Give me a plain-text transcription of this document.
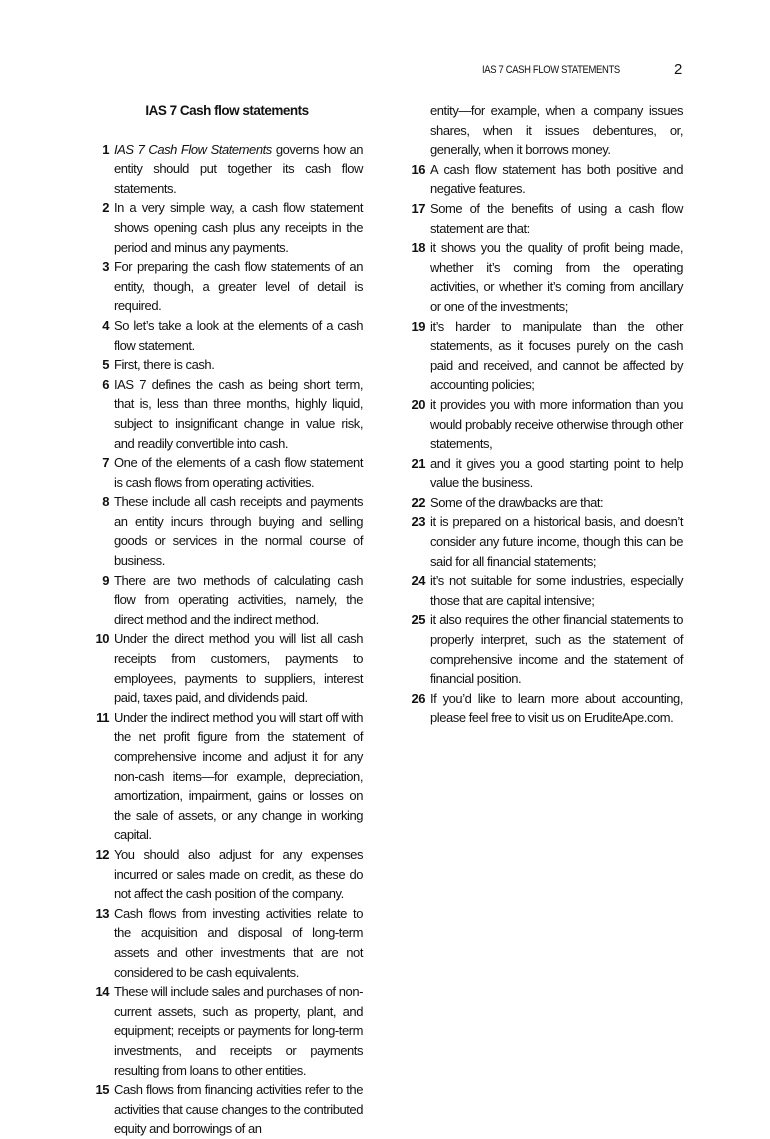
IAS 7 CASH FLOW STATEMENTS	2
IAS 7 Cash flow statements
1 IAS 7 Cash Flow Statements governs how an entity should put together its cash flow statements.
2 In a very simple way, a cash flow statement shows opening cash plus any receipts in the period and minus any payments.
3 For preparing the cash flow statements of an entity, though, a greater level of detail is required.
4 So let’s take a look at the elements of a cash flow statement.
5 First, there is cash.
6 IAS 7 defines the cash as being short term, that is, less than three months, highly liquid, subject to insignificant change in value risk, and readily convertible into cash.
7 One of the elements of a cash flow statement is cash flows from operating activities.
8 These include all cash receipts and payments an entity incurs through buying and selling goods or services in the normal course of business.
9 There are two methods of calculating cash flow from operating activities, namely, the direct method and the indirect method.
10 Under the direct method you will list all cash receipts from customers, payments to employees, payments to suppliers, interest paid, taxes paid, and dividends paid.
11 Under the indirect method you will start off with the net profit figure from the statement of comprehensive income and adjust it for any non-cash items—for example, depreciation, amortization, impairment, gains or losses on the sale of assets, or any change in working capital.
12 You should also adjust for any expenses incurred or sales made on credit, as these do not affect the cash position of the company.
13 Cash flows from investing activities relate to the acquisition and disposal of long-term assets and other investments that are not considered to be cash equivalents.
14 These will include sales and purchases of non-current assets, such as property, plant, and equipment; receipts or payments for long-term investments, and receipts or payments resulting from loans to other entities.
15 Cash flows from financing activities refer to the activities that cause changes to the contributed equity and borrowings of an
entity—for example, when a company issues shares, when it issues debentures, or, generally, when it borrows money.
16 A cash flow statement has both positive and negative features.
17 Some of the benefits of using a cash flow statement are that:
18 it shows you the quality of profit being made, whether it’s coming from the operating activities, or whether it’s coming from ancillary or one of the investments;
19 it’s harder to manipulate than the other statements, as it focuses purely on the cash paid and received, and cannot be affected by accounting policies;
20 it provides you with more information than you would probably receive otherwise through other statements,
21 and it gives you a good starting point to help value the business.
22 Some of the drawbacks are that:
23 it is prepared on a historical basis, and doesn’t consider any future income, though this can be said for all financial statements;
24 it’s not suitable for some industries, especially those that are capital intensive;
25 it also requires the other financial statements to properly interpret, such as the statement of comprehensive income and the statement of financial position.
26 If you’d like to learn more about accounting, please feel free to visit us on EruditeApe.com.
